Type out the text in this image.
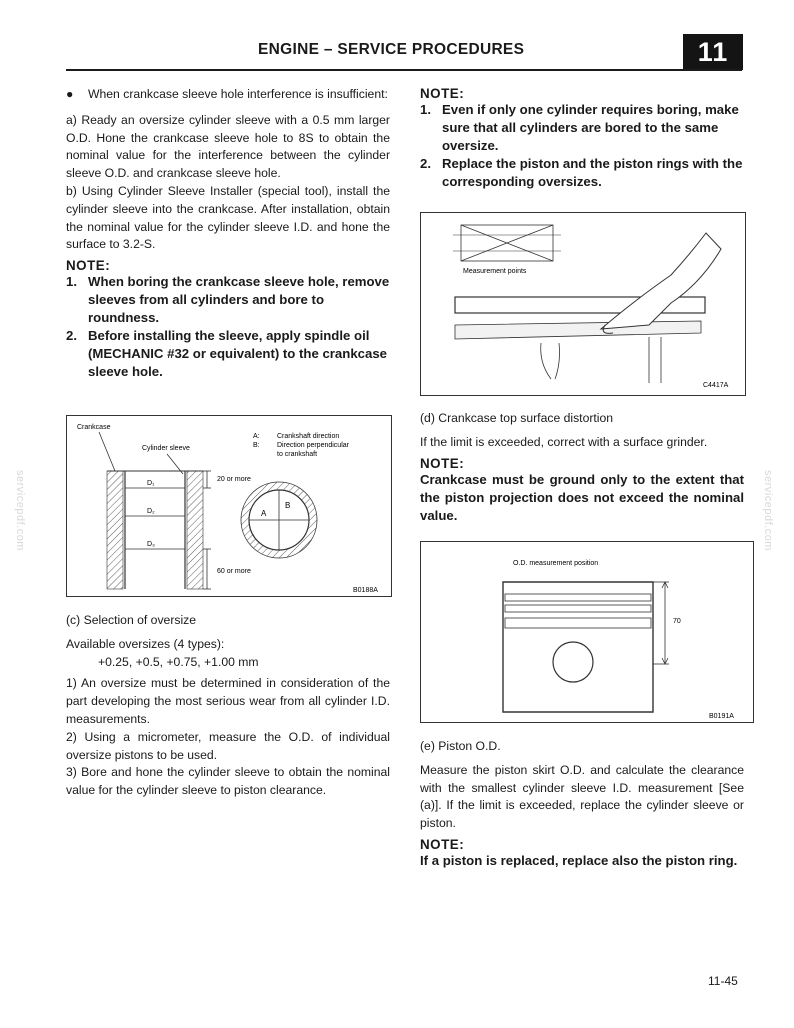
ENGINE – SERVICE PROCEDURES	11
servicepdf.com	servicepdf.com
●	When crankcase sleeve hole interference is insufficient:

a) Ready an oversize cylinder sleeve with a 0.5 mm larger O.D. Hone the crankcase sleeve hole to 8S to obtain the nominal value for the interference between the cylinder sleeve O.D. and crankcase sleeve hole.

b) Using Cylinder Sleeve Installer (special tool), install the cylinder sleeve into the crankcase. After installation, obtain the nominal value for the cylinder sleeve I.D. and hone the surface to 3.2-S.

NOTE:
1. When boring the crankcase sleeve hole, remove sleeves from all cylinders and bore to roundness.
2. Before installing the sleeve, apply spindle oil (MECHANIC #32 or equivalent) to the crankcase sleeve hole.
Crankcase
Cylinder sleeve
A: Crankshaft direction
B: Direction perpendicular
to crankshaft
D₁
D₂
D₃
20 or more
60 or more
A
B
B0188A

(c) Selection of oversize

Available oversizes (4 types):

+0.25, +0.5, +0.75, +1.00 mm

1) An oversize must be determined in consideration of the part developing the most serious wear from all cylinder I.D. measurements.

2) Using a micrometer, measure the O.D. of individual oversize pistons to be used.

3) Bore and hone the cylinder sleeve to obtain the nominal value for the cylinder sleeve to piston clearance.

NOTE:
1. Even if only one cylinder requires boring, make sure that all cylinders are bored to the same oversize.
2. Replace the piston and the piston rings with the corresponding oversizes.
Measurement points
C4417A

(d) Crankcase top surface distortion

If the limit is exceeded, correct with a surface grinder.

NOTE:

Crankcase must be ground only to the extent that the piston projection does not exceed the nominal value.

O.D. measurement position
70
B0191A

(e) Piston O.D.

Measure the piston skirt O.D. and calculate the clearance with the smallest cylinder sleeve I.D. measurement [See (a)]. If the limit is exceeded, replace the cylinder sleeve or piston.

NOTE:

If a piston is replaced, replace also the piston ring.

11-45
